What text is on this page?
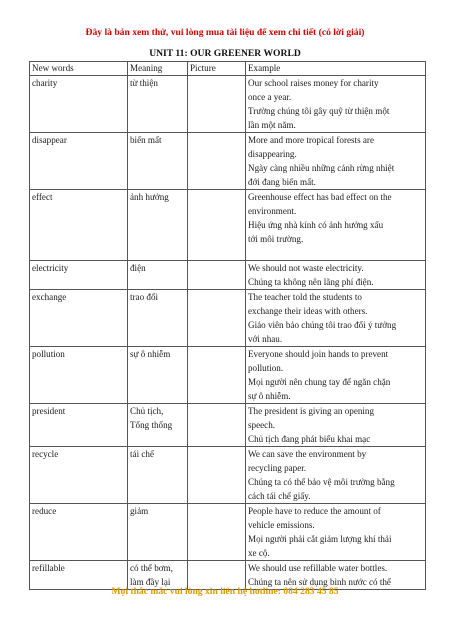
Đây là bản xem thử, vui lòng mua tài liệu để xem chi tiết (có lời giải)
UNIT 11: OUR GREENER WORLD
New words	Meaning	Picture	Example
charity	từ thiện		Our school raises money for charity
once a year.
Trường chúng tôi gây quỹ từ thiện một
lần một năm.

disappear	biến mất		More and more tropical forests are
disappearing.
Ngày càng nhiều những cánh rừng nhiệt
đới đang biến mất.

effect	ảnh hưởng		Greenhouse effect has bad effect on the
environment.
Hiệu ứng nhà kính có ảnh hưởng xấu
tới môi trường.

electricity	điện		We should not waste electricity.
Chúng ta không nên lãng phí điện.

exchange	trao đổi		The teacher told the students to
exchange their ideas with others.
Giáo viên bảo chúng tôi trao đổi ý tưởng
với nhau.

pollution	sự ô nhiễm		Everyone should join hands to prevent
pollution.
Mọi người nên chung tay để ngăn chặn
sự ô nhiễm.

president	Chủ tịch,
Tổng thống		The president is giving an opening
speech.
Chủ tịch đang phát biểu khai mạc

recycle	tái chế		We can save the environment by
recycling paper.
Chúng ta có thể bảo vệ môi trường bằng
cách tái chế giấy.

reduce	giảm		People have to reduce the amount of
vehicle emissions.
Mọi người phải cắt giảm lượng khí thải
xe cộ.

refillable	có thể bơm,
làm đầy lại		We should use refillable water bottles.
Chúng ta nên sử dụng bình nước có thể
Mọi thắc mắc vui lòng xin liên hệ hotline: 084 283 45 85
